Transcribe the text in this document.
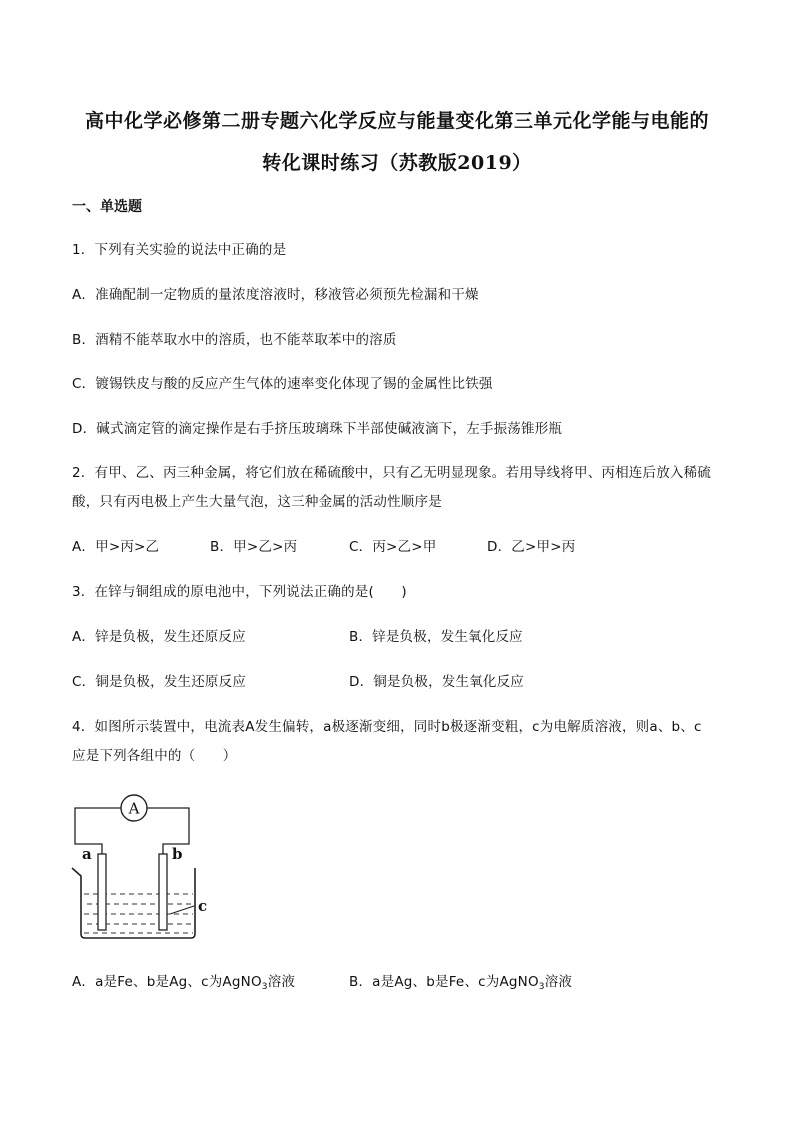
高中化学必修第二册专题六化学反应与能量变化第三单元化学能与电能的
转化课时练习（苏教版2019）
一、单选题
1．下列有关实验的说法中正确的是
A．准确配制一定物质的量浓度溶液时，移液管必须预先检漏和干燥
B．酒精不能萃取水中的溶质，也不能萃取苯中的溶质
C．镀锡铁皮与酸的反应产生气体的速率变化体现了锡的金属性比铁强
D．碱式滴定管的滴定操作是右手挤压玻璃珠下半部使碱液滴下，左手振荡锥形瓶
2．有甲、乙、丙三种金属，将它们放在稀硫酸中，只有乙无明显现象。若用导线将甲、丙相连后放入稀硫
酸，只有丙电极上产生大量气泡，这三种金属的活动性顺序是
A．甲>丙>乙	B．甲>乙>丙	C．丙>乙>甲	D．乙>甲>丙
3．在锌与铜组成的原电池中，下列说法正确的是(　　)
A．锌是负极，发生还原反应	B．锌是负极，发生氧化反应
C．铜是负极，发生还原反应	D．铜是负极，发生氧化反应
4．如图所示装置中，电流表A发生偏转，a极逐渐变细，同时b极逐渐变粗，c为电解质溶液，则a、b、c
应是下列各组中的（　　）
A
a	b
c
A．a是Fe、b是Ag、c为AgNO$_3$溶液	B．a是Ag、b是Fe、c为AgNO$_3$溶液
